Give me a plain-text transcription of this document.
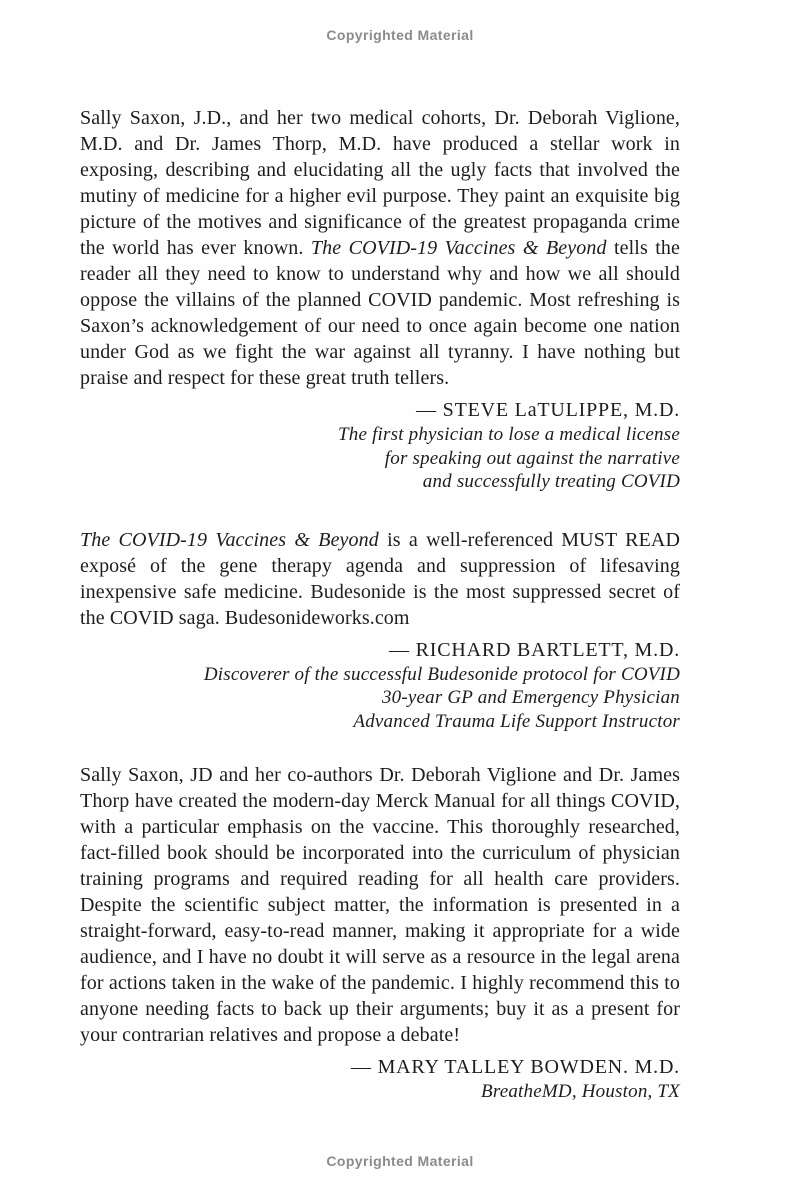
Copyrighted Material

Sally Saxon, J.D., and her two medical cohorts, Dr. Deborah Viglione, M.D. and Dr. James Thorp, M.D. have produced a stellar work in exposing, describing and elucidating all the ugly facts that involved the mutiny of medicine for a higher evil purpose. They paint an exquisite big picture of the motives and significance of the greatest propaganda crime the world has ever known. The COVID-19 Vaccines & Beyond tells the reader all they need to know to understand why and how we all should oppose the villains of the planned COVID pandemic. Most refreshing is Saxon’s acknowledgement of our need to once again become one nation under God as we fight the war against all tyranny. I have nothing but praise and respect for these great truth tellers.

— STEVE LaTULIPPE, M.D.

The first physician to lose a medical license

for speaking out against the narrative

and successfully treating COVID

The COVID-19 Vaccines & Beyond is a well-referenced MUST READ exposé of the gene therapy agenda and suppression of lifesaving inexpensive safe medicine. Budesonide is the most suppressed secret of the COVID saga. Budesonideworks.com

— RICHARD BARTLETT, M.D.

Discoverer of the successful Budesonide protocol for COVID

30-year GP and Emergency Physician

Advanced Trauma Life Support Instructor

Sally Saxon, JD and her co-authors Dr. Deborah Viglione and Dr. James Thorp have created the modern-day Merck Manual for all things COVID, with a particular emphasis on the vaccine. This thoroughly researched, fact-filled book should be incorporated into the curriculum of physician training programs and required reading for all health care providers. Despite the scientific subject matter, the information is presented in a straight-forward, easy-to-read manner, making it appropriate for a wide audience, and I have no doubt it will serve as a resource in the legal arena for actions taken in the wake of the pandemic. I highly recommend this to anyone needing facts to back up their arguments; buy it as a present for your contrarian relatives and propose a debate!

— MARY TALLEY BOWDEN. M.D.

BreatheMD, Houston, TX

Copyrighted Material
